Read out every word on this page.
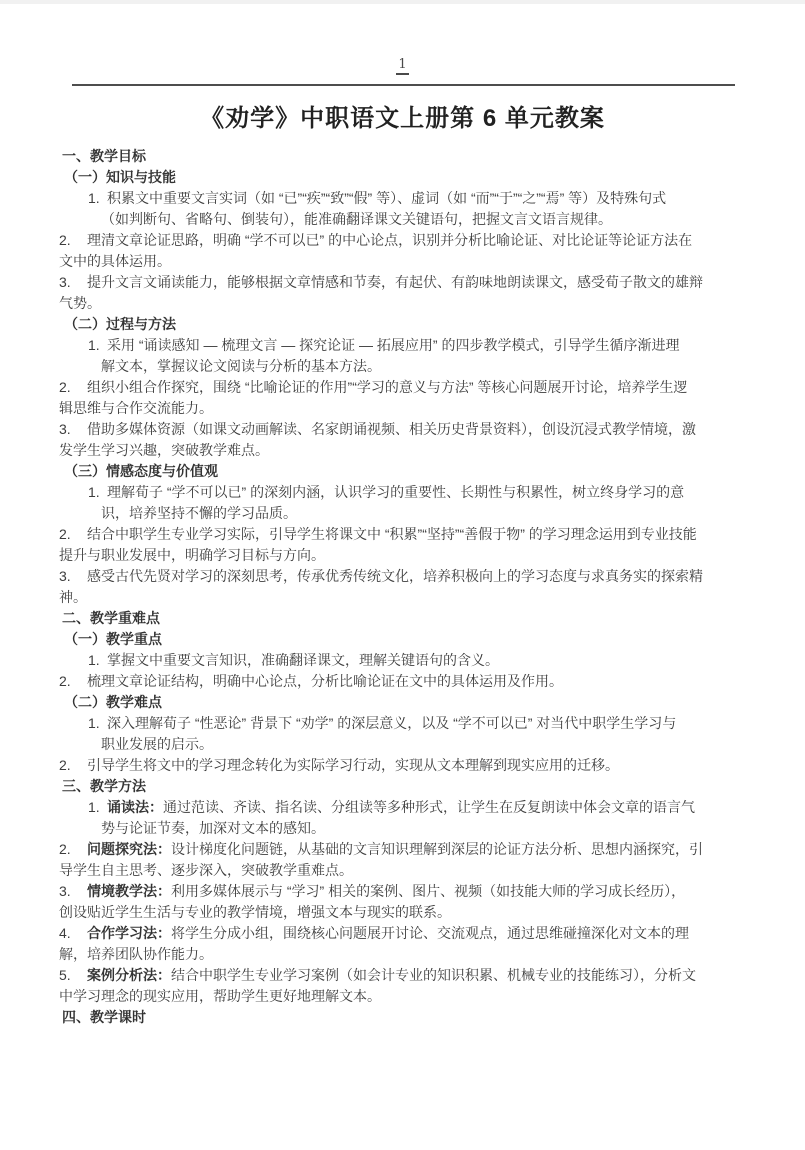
1
《劝学》中职语文上册第 6 单元教案
一、教学目标
（一）知识与技能
1. 积累文中重要文言实词（如 “已”“疾”“致”“假” 等）、虚词（如 “而”“于”“之”“焉” 等）及特殊句式
（如判断句、省略句、倒装句），能准确翻译课文关键语句，把握文言文语言规律。
2. 理清文章论证思路，明确 “学不可以已” 的中心论点，识别并分析比喻论证、对比论证等论证方法在
文中的具体运用。
3. 提升文言文诵读能力，能够根据文章情感和节奏，有起伏、有韵味地朗读课文，感受荀子散文的雄辩
气势。
（二）过程与方法
1. 采用 “诵读感知 — 梳理文言 — 探究论证 — 拓展应用” 的四步教学模式，引导学生循序渐进理
解文本，掌握议论文阅读与分析的基本方法。
2. 组织小组合作探究，围绕 “比喻论证的作用”“学习的意义与方法” 等核心问题展开讨论，培养学生逻
辑思维与合作交流能力。
3. 借助多媒体资源（如课文动画解读、名家朗诵视频、相关历史背景资料），创设沉浸式教学情境，激
发学生学习兴趣，突破教学难点。
（三）情感态度与价值观
1. 理解荀子 “学不可以已” 的深刻内涵，认识学习的重要性、长期性与积累性，树立终身学习的意
识，培养坚持不懈的学习品质。
2. 结合中职学生专业学习实际，引导学生将课文中 “积累”“坚持”“善假于物” 的学习理念运用到专业技能
提升与职业发展中，明确学习目标与方向。
3. 感受古代先贤对学习的深刻思考，传承优秀传统文化，培养积极向上的学习态度与求真务实的探索精
神。
二、教学重难点
（一）教学重点
1. 掌握文中重要文言知识，准确翻译课文，理解关键语句的含义。
2. 梳理文章论证结构，明确中心论点，分析比喻论证在文中的具体运用及作用。
（二）教学难点
1. 深入理解荀子 “性恶论” 背景下 “劝学” 的深层意义，以及 “学不可以已” 对当代中职学生学习与
职业发展的启示。
2. 引导学生将文中的学习理念转化为实际学习行动，实现从文本理解到现实应用的迁移。
三、教学方法
1. 诵读法：通过范读、齐读、指名读、分组读等多种形式，让学生在反复朗读中体会文章的语言气
势与论证节奏，加深对文本的感知。
2. 问题探究法：设计梯度化问题链，从基础的文言知识理解到深层的论证方法分析、思想内涵探究，引
导学生自主思考、逐步深入，突破教学重难点。
3. 情境教学法：利用多媒体展示与 “学习” 相关的案例、图片、视频（如技能大师的学习成长经历），
创设贴近学生生活与专业的教学情境，增强文本与现实的联系。
4. 合作学习法：将学生分成小组，围绕核心问题展开讨论、交流观点，通过思维碰撞深化对文本的理
解，培养团队协作能力。
5. 案例分析法：结合中职学生专业学习案例（如会计专业的知识积累、机械专业的技能练习），分析文
中学习理念的现实应用，帮助学生更好地理解文本。
四、教学课时
